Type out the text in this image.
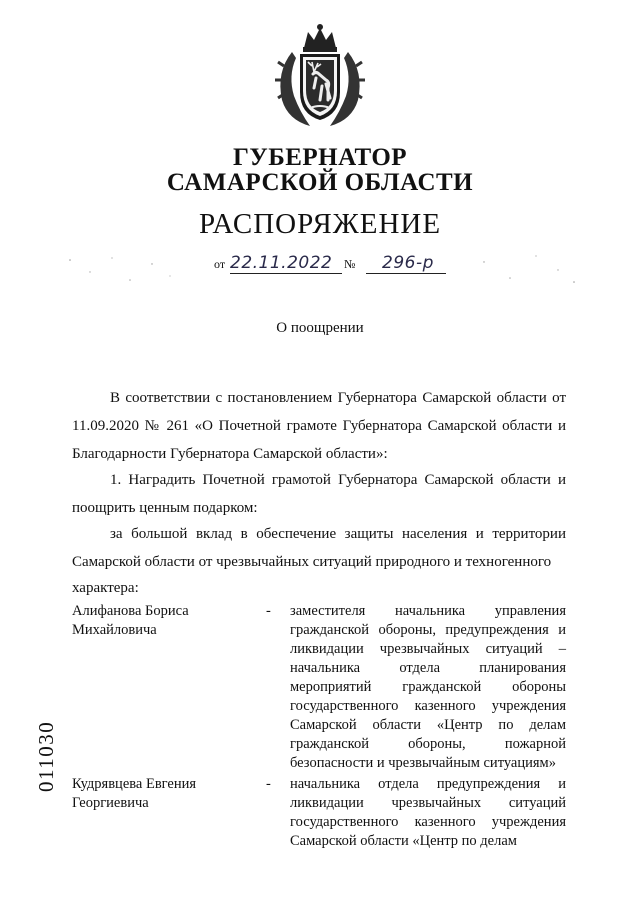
ГУБЕРНАТОР
САМАРСКОЙ ОБЛАСТИ
РАСПОРЯЖЕНИЕ
от 22.11.2022 № 296-р
О поощрении
В соответствии с постановлением Губернатора Самарской области от 11.09.2020 № 261 «О Почетной грамоте Губернатора Самарской области и Благодарности Губернатора Самарской области»:
1. Наградить Почетной грамотой Губернатора Самарской области и поощрить ценным подарком:
за большой вклад в обеспечение защиты населения и территории Самарской области от чрезвычайных ситуаций природного и техногенного
характера:
Алифанова Бориса Михайловича
- заместителя начальника управления гражданской обороны, предупреждения и ликвидации чрезвычайных ситуаций – начальника отдела планирования мероприятий гражданской обороны государственного казенного учреждения Самарской области «Центр по делам гражданской обороны, пожарной безопасности и чрезвычайным ситуациям»
Кудрявцева Евгения Георгиевича
- начальника отдела предупреждения и ликвидации чрезвычайных ситуаций государственного казенного учреждения Самарской области «Центр по делам
011030
